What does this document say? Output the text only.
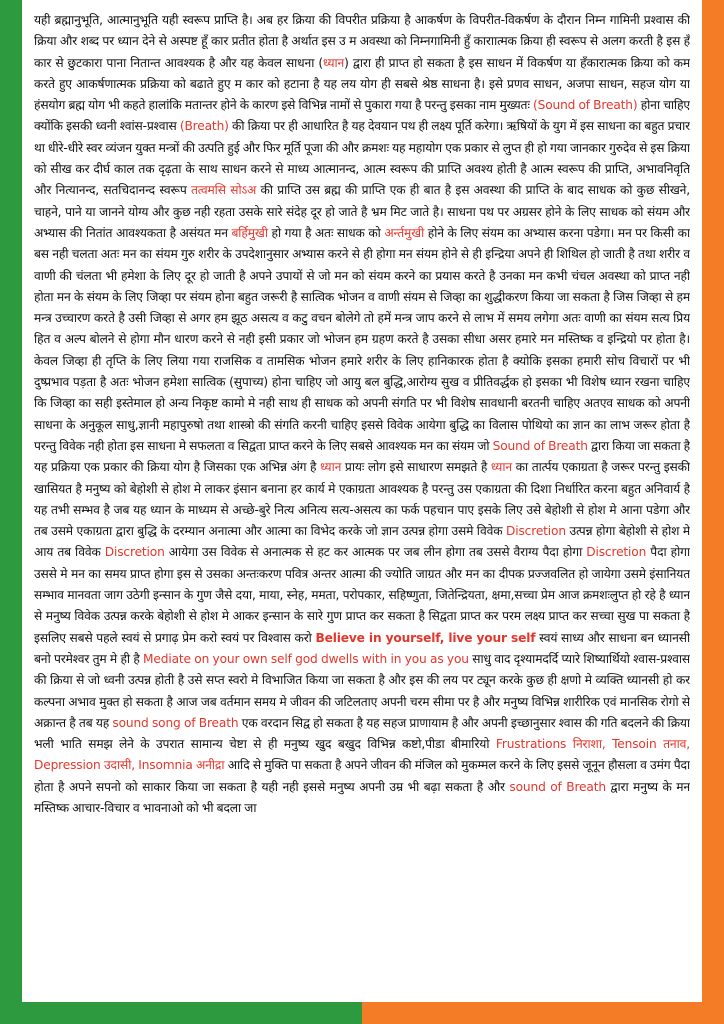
यही ब्रह्मानुभूति, आत्मानुभूति यही स्वरूप प्राप्ति है। अब हर क्रिया की विपरीत प्रक्रिया है आकर्षण के विपरीत-विकर्षण के दौरान निम्न गामिनी प्रश्वास की क्रिया और शब्द पर ध्यान देने से अस्पष्ट हूँ कार प्रतीत होता है अर्थात इस उ म अवस्था को निम्नगामिनी हुँ काराात्मक क्रिया ही स्वरूप से अलग करती है इस हँ कार से छुटकारा पाना नितान्त आवश्यक है और यह केवल साधना (ध्यान) द्वारा ही प्राप्त हो सकता है इस साधन में विकर्षण या हँकारात्मक क्रिया को कम करते हुए आकर्षणात्मक प्रक्रिया को बढाते हुए म कार को हटाना है यह लय योग ही सबसे श्रेष्ठ साधना है। इसे प्रणव साधन, अजपा साधन, सहज योग या हंसयोग ब्रह्म योग भी कहते हालांकि मतान्तर होने के कारण इसे विभिन्न नामों से पुकारा गया है परन्तु इसका नाम मुख्यतः (Sound of Breath) होना चाहिए क्योंकि इसकी ध्वनी श्वांस-प्रश्वास (Breath) की क्रिया पर ही आधारित है यह देवयान पथ ही लक्ष्य पूर्ति करेगा। ऋषियों के युग में इस साधना का बहुत प्रचार था धीरे-धीरे स्वर व्यंजन युक्त मन्त्रों की उत्पति हुई और फिर मूर्ति पूजा की और क्रमशः यह महायोग एक प्रकार से लुप्त ही हो गया जानकार गुरुदेव से इस क्रिया को सीख कर दीर्घ काल तक दृढ़ता के साथ साधन करने से माध्य आत्मानन्द, आत्म स्वरूप की प्राप्ति अवश्य होती है आत्म स्वरूप की प्राप्ति, अभावनिवृति और नित्यानन्द, सतचिदानन्द स्वरूप तत्वमसि सोऽअ की प्राप्ति उस ब्रह्म की प्राप्ति एक ही बात है इस अवस्था की प्राप्ति के बाद साधक को कुछ सीखने, चाहने, पाने या जानने योग्य और कुछ नही रहता उसके सारे संदेह दूर हो जाते है भ्रम मिट जाते है। साधना पथ पर अग्रसर होने के लिए साधक को संयम और अभ्यास की नितांत आवश्यकता है असंयत मन बर्हिमुखी हो गया है अतः साधक को अर्न्तमुखी होने के लिए संयम का अभ्यास करना पडेगा। मन पर किसी का बस नही चलता अतः मन का संयम गुरु शरीर के उपदेशानुसार अभ्यास करने से ही होगा मन संयम होने से ही इन्द्रिया अपने ही शिथिल हो जाती है तथा शरीर व वाणी की चंलता भी हमेशा के लिए दूर हो जाती है अपने उपायों से जो मन को संयम करने का प्रयास करते है उनका मन कभी चंचल अवस्था को प्राप्त नही होता मन के संयम के लिए जिव्हा पर संयम होना बहुत जरूरी है सात्विक भोजन व वाणी संयम से जिव्हा का शुद्धीकरण किया जा सकता है जिस जिव्हा से हम मन्त्र उच्चारण करते है उसी जिव्हा से अगर हम झूठ असत्य व कटु वचन बोलेगे तो हमें मन्त्र जाप करने से लाभ में समय लगेगा अतः वाणी का संयम सत्य प्रिय हित व अल्प बोलने से होगा मौन धारण करने से नही इसी प्रकार जो भोजन हम ग्रहण करते है उसका सीधा असर हमारे मन मस्तिष्क व इन्द्रियो पर होता है। केवल जिव्हा ही तृप्ति के लिए लिया गया राजसिक व तामसिक भोजन हमारे शरीर के लिए हानिकारक होता है क्योकि इसका हमारी सोच विचारों पर भी दुष्प्रभाव पड़ता है अतः भोजन हमेशा सात्विक (सुपाच्य) होना चाहिए जो आयु बल बुद्धि,आरोग्य सुख व प्रीतिवर्द्धक हो इसका भी विशेष ध्यान रखना चाहिए कि जिव्हा का सही इस्तेमाल हो अन्य निकृष्ट कामो मे नही साथ ही साधक को अपनी संगति पर भी विशेष सावधानी बरतनी चाहिए अतएव साधक को अपनी साधना के अनुकूल साधु,ज्ञानी महापुरुषो तथा शास्त्रो की संगति करनी चाहिए इससे विवेक आयेगा बुद्धि का विलास पोथियो का ज्ञान का लाभ जरूर होता है परन्तु विवेक नही होता इस साधना मे सफलता व सिद्वता प्राप्त करने के लिए सबसे आवश्यक मन का संयम जो Sound of Breath द्वारा किया जा सकता है यह प्रक्रिया एक प्रकार की क्रिया योग है जिसका एक अभिन्न अंग है ध्यान प्रायः लोग इसे साधारण समझते है ध्यान का तार्त्पय एकाग्रता है जरूर परन्तु इसकी खासियत है मनुष्य को बेहोशी से होश मे लाकर इंसान बनाना हर कार्य मे एकाग्रता आवश्यक है परन्तु उस एकाग्रता की दिशा निर्धारित करना बहुत अनिवार्य है यह तभी सम्भव है जब यह ध्यान के माध्यम से अच्छे-बुरे नित्य अनित्य सत्य-असत्य का फर्क पहचान पाए इसके लिए उसे बेहोशी से होश मे आना पडेगा और तब उसमे एकाग्रता द्वारा बुद्धि के दरम्यान अनात्मा और आत्मा का विभेद करके जो ज्ञान उत्पन्न होगा उसमे विवेक Discretion उत्पन्न होगा बेहोशी से होश मे आय तब विवेक Discretion आयेगा उस विवेक से अनात्मक से हट कर आत्मक पर जब लीन होगा तब उससे वैराग्य पैदा होगा Discretion पैदा होगा उससे मे मन का समय प्राप्त होगा इस से उसका अन्तःकरण पवित्र अन्तर आत्मा की ज्योति जाग्रत और मन का दीपक प्रज्जवलित हो जायेगा उसमे इंसानियत सम्भाव मानवता जाग उठेगी इन्सान के गुण जैसे दया, माया, स्नेह, ममता, परोपकार, सहिष्णुता, जितेन्द्रियता, क्षमा,सच्चा प्रेम आज क्रमशःलुप्त हो रहे है ध्यान से मनुष्य विवेक उत्पन्न करके बेहोशी से होश मे आकर इन्सान के सारे गुण प्राप्त कर सकता है सिद्वता प्राप्त कर परम लक्ष्य प्राप्त कर सच्चा सुख पा सकता है इसलिए सबसे पहले स्वयं से प्रगाढ़ प्रेम करो स्वयं पर विश्वास करो Believe in yourself, live your self स्वयं साध्य और साधना बन ध्यानसी बनो परमेश्वर तुम मे ही है Mediate on your own self god dwells with in you as you साधु वाद दृश्यामदर्दि प्यारे शिष्यार्थियो श्वास-प्रश्वास की क्रिया से जो ध्वनी उत्पन्न होती है उसे सप्त स्वरो मे विभाजित किया जा सकता है और इस की लय पर ट्यून करके कुछ ही क्षणो मे व्यक्ति ध्यानसी हो कर कल्पना अभाव मुक्त हो सकता है आज जब वर्तमान समय मे जीवन की जटिलताए अपनी चरम सीमा पर है और मनुष्य विभिन्न शारीरिक एवं मानसिक रोगो से अक्रान्त है तब यह sound song of Breath एक वरदान सिद्व हो सकता है यह सहज प्राणायाम है और अपनी इच्छानुसार श्वास की गति बदलने की क्रिया भली भाति समझ लेने के उपरात सामान्य चेष्टा से ही मनुष्य खुद बखुद विभिन्न कष्टो,पीडा बीमारियो Frustrations निराशा, Tensoin तनाव, Depression उदासी, Insomnia अनीद्रा आदि से मुक्ति पा सकता है अपने जीवन की मंजिल को मुकम्मल करने के लिए इससे जूनून हौसला व उमंग पैदा होता है अपने सपनो को साकार किया जा सकता है यही नही इससे मनुष्य अपनी उम्र भी बढ़ा सकता है और sound of Breath द्वारा मनुष्य के मन मस्तिष्क आचार-विचार व भावनाओ को भी बदला जा
